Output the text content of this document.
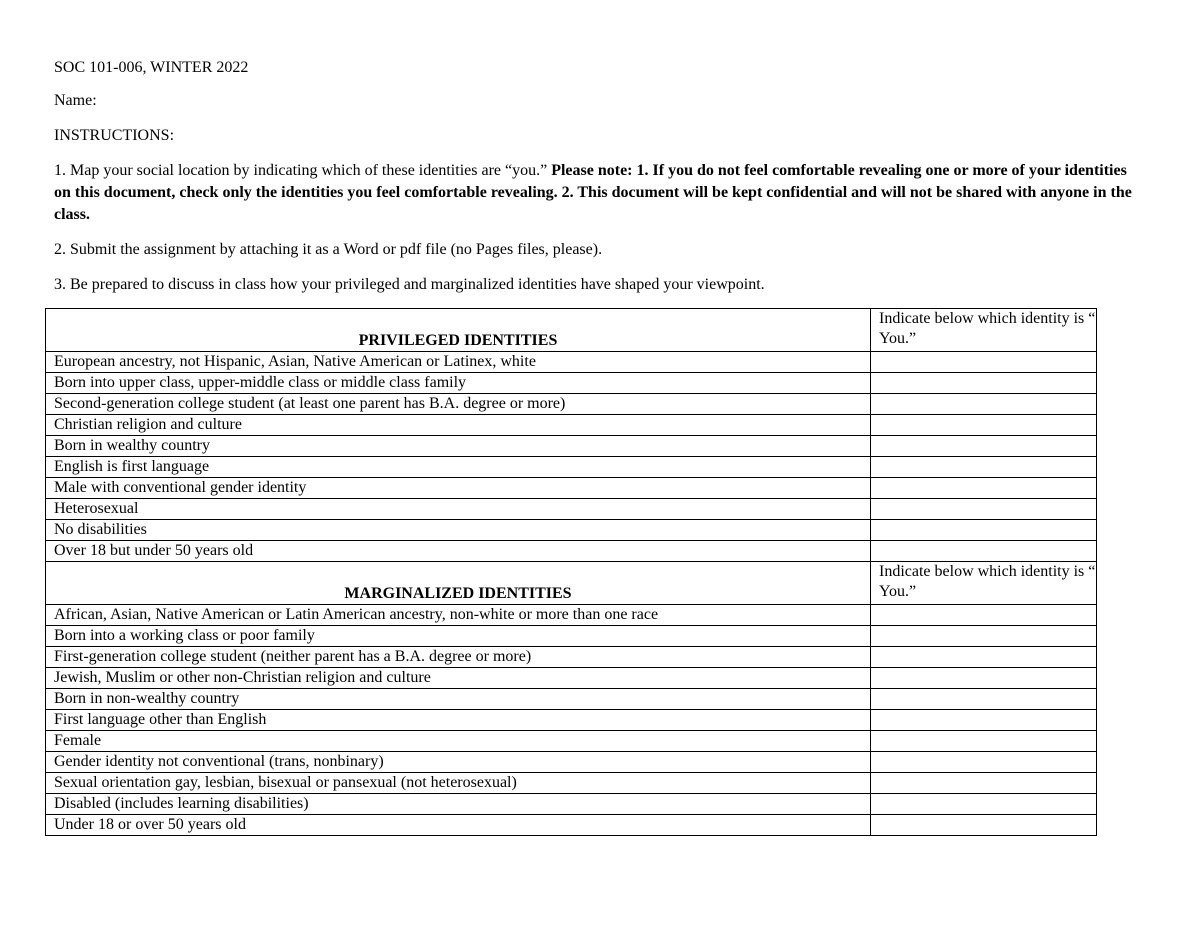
SOC 101-006, WINTER 2022
Name:
INSTRUCTIONS:
1. Map your social location by indicating which of these identities are “you.” Please note: 1. If you do not feel comfortable revealing one or more of your identities on this document, check only the identities you feel comfortable revealing. 2. This document will be kept confidential and will not be shared with anyone in the class.
2. Submit the assignment by attaching it as a Word or pdf file (no Pages files, please).
3. Be prepared to discuss in class how your privileged and marginalized identities have shaped your viewpoint.
PRIVILEGED IDENTITIES	Indicate below which identity is “ You.”
European ancestry, not Hispanic, Asian, Native American or Latinex, white	
Born into upper class, upper-middle class or middle class family	
Second-generation college student (at least one parent has B.A. degree or more)	
Christian religion and culture	
Born in wealthy country	
English is first language	
Male with conventional gender identity	
Heterosexual	
No disabilities	
Over 18 but under 50 years old	
MARGINALIZED IDENTITIES	Indicate below which identity is “ You.”
African, Asian, Native American or Latin American ancestry, non-white or more than one race	
Born into a working class or poor family	
First-generation college student (neither parent has a B.A. degree or more)	
Jewish, Muslim or other non-Christian religion and culture	
Born in non-wealthy country	
First language other than English	
Female	
Gender identity not conventional (trans, nonbinary)	
Sexual orientation gay, lesbian, bisexual or pansexual (not heterosexual)	
Disabled (includes learning disabilities)	
Under 18 or over 50 years old	
